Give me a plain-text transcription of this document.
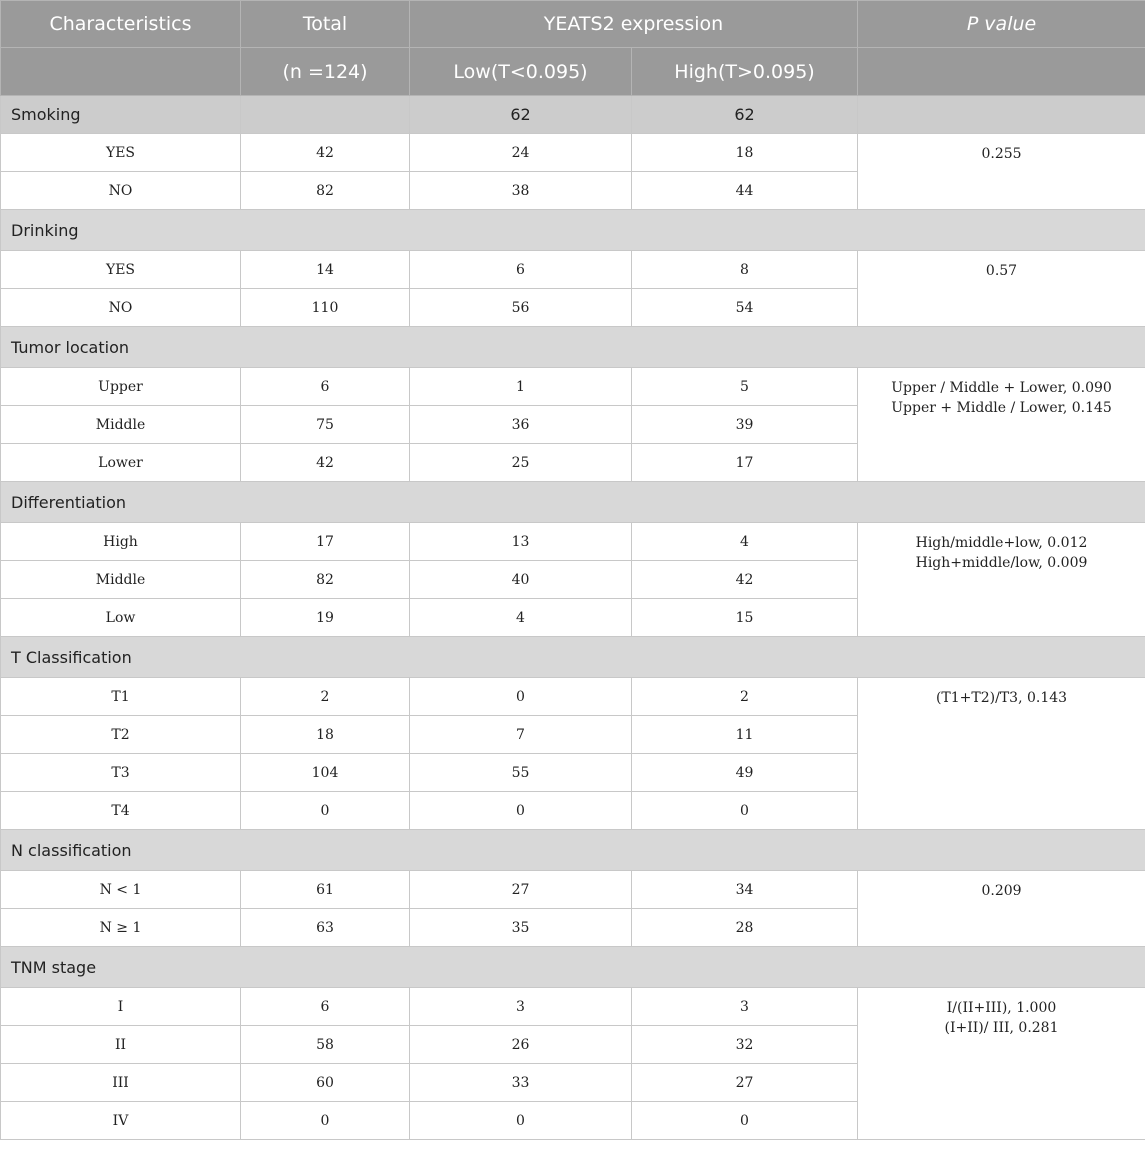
Characteristics	Total	YEATS2 expression		P value
	(n =124)	Low(T<0.095)	High(T>0.095)	
Smoking		62	62	
YES	42	24	18	0.255

NO	82	38	44	
Drinking				
YES	14	6	8	0.57

NO	110	56	54	
Tumor location				
Upper	6	1	5	Upper / Middle + Lower, 0.090
Upper + Middle / Lower, 0.145

Middle	75	36	39	
Lower	42	25	17	
Differentiation				
High	17	13	4	High/middle+low, 0.012
High+middle/low, 0.009

Middle	82	40	42	
Low	19	4	15	
T Classification				
T1	2	0	2	(T1+T2)/T3, 0.143

T2	18	7	11	
T3	104	55	49	
T4	0	0	0	
N classification				
N < 1	61	27	34	0.209

N ≥ 1	63	35	28	
TNM stage				
I	6	3	3	I/(II+III), 1.000
(I+II)/ III, 0.281

II	58	26	32	
III	60	33	27	
IV	0	0	0	
